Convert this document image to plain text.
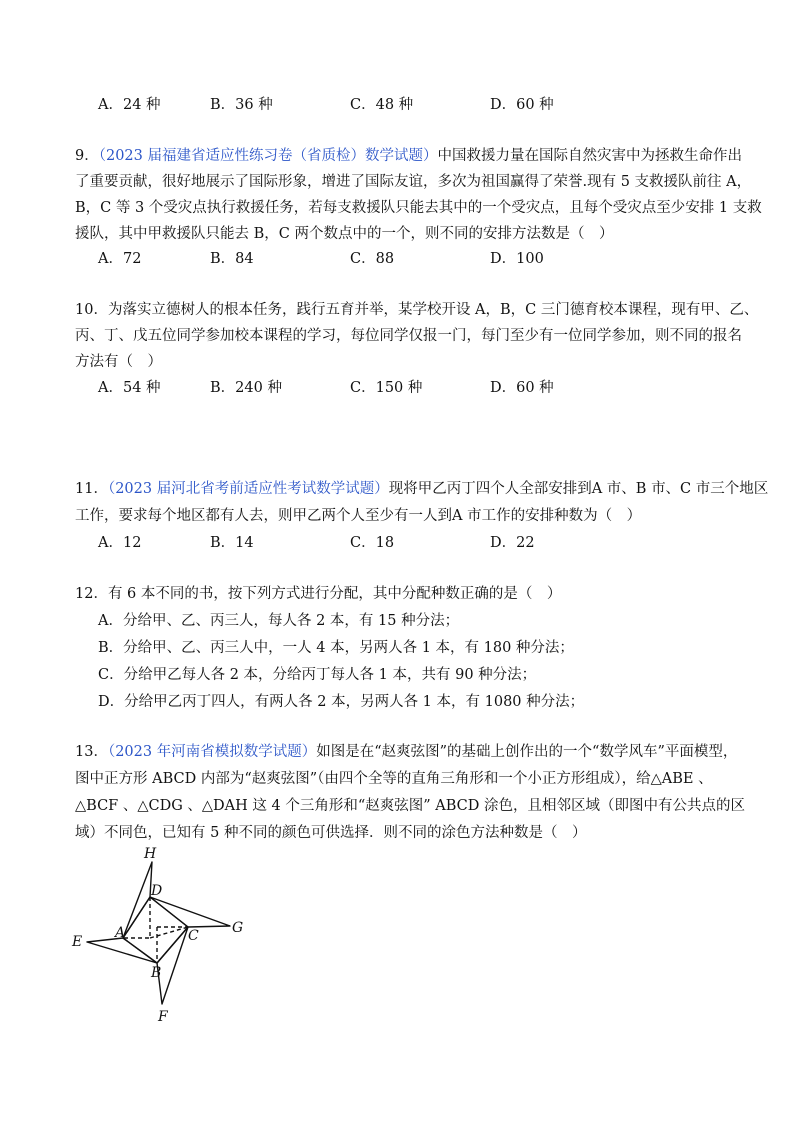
A．24 种	B．36 种	C．48 种	D．60 种
9．（2023 届福建省适应性练习卷（省质检）数学试题）中国救援力量在国际自然灾害中为拯救生命作出
了重要贡献，很好地展示了国际形象，增进了国际友谊，多次为祖国赢得了荣誉.现有 5 支救援队前往 A，
B，C 等 3 个受灾点执行救援任务，若每支救援队只能去其中的一个受灾点，且每个受灾点至少安排 1 支救
援队，其中甲救援队只能去 B，C 两个数点中的一个，则不同的安排方法数是（　）
A．72	B．84	C．88	D．100
10．为落实立德树人的根本任务，践行五育并举，某学校开设 A，B，C 三门德育校本课程，现有甲、乙、
丙、丁、戊五位同学参加校本课程的学习，每位同学仅报一门，每门至少有一位同学参加，则不同的报名
方法有（　）
A．54 种	B．240 种	C．150 种	D．60 种
11．（2023 届河北省考前适应性考试数学试题）现将甲乙丙丁四个人全部安排到A 市、B 市、C 市三个地区
工作，要求每个地区都有人去，则甲乙两个人至少有一人到A 市工作的安排种数为（　）
A．12	B．14	C．18	D．22
12．有 6 本不同的书，按下列方式进行分配，其中分配种数正确的是（　）
A．分给甲、乙、丙三人，每人各 2 本，有 15 种分法；
B．分给甲、乙、丙三人中，一人 4 本，另两人各 1 本，有 180 种分法；
C．分给甲乙每人各 2 本，分给丙丁每人各 1 本，共有 90 种分法；
D．分给甲乙丙丁四人，有两人各 2 本，另两人各 1 本，有 1080 种分法；
13．（2023 年河南省模拟数学试题）如图是在“赵爽弦图”的基础上创作出的一个“数学风车”平面模型，
图中正方形 ABCD 内部为“赵爽弦图”（由四个全等的直角三角形和一个小正方形组成），给△ABE 、
△BCF 、△CDG 、△DAH 这 4 个三角形和“赵爽弦图” ABCD 涂色，且相邻区域（即图中有公共点的区
域）不同色，已知有 5 种不同的颜色可供选择．则不同的涂色方法种数是（　）
H
D
G
A	C
E
B
F
